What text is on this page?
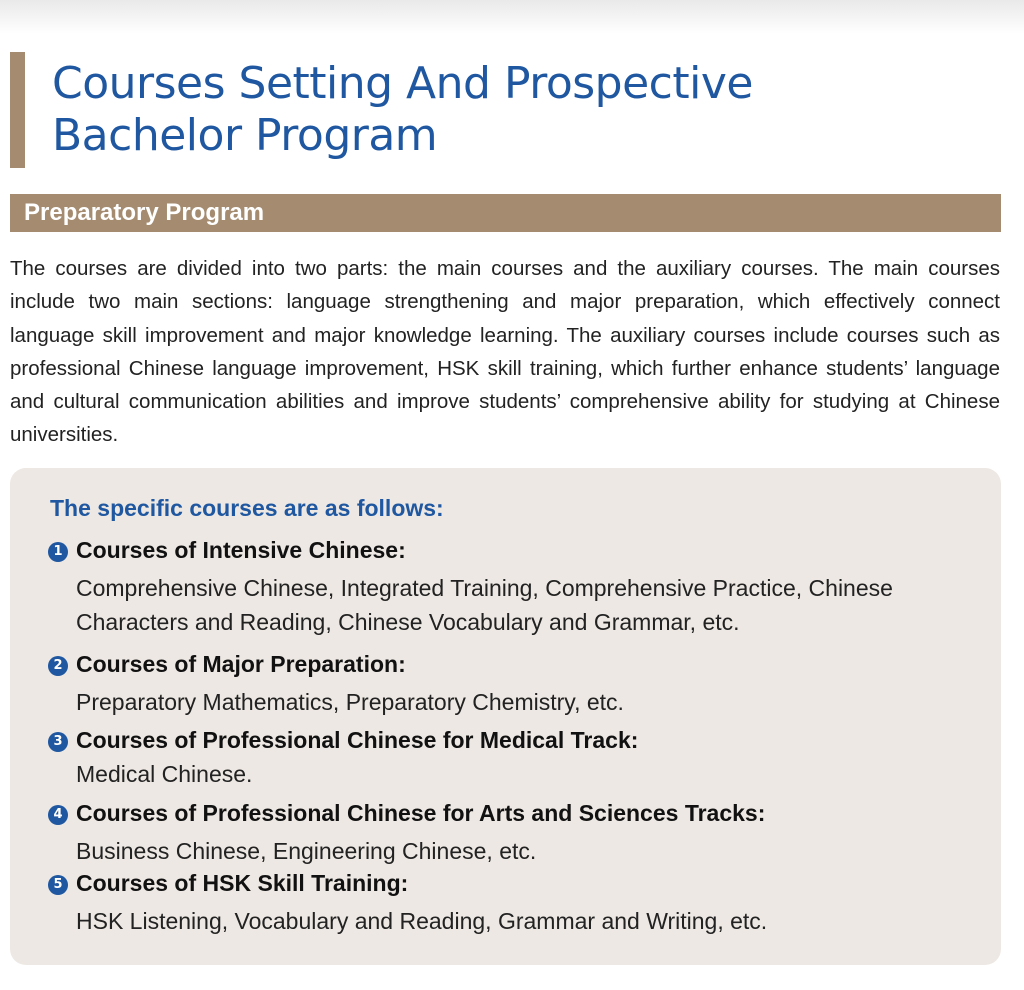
Courses Setting And Prospective
Bachelor Program
Preparatory Program

The courses are divided into two parts: the main courses and the auxiliary courses. The main courses include two main sections: language strengthening and major preparation, which effectively connect language skill improvement and major knowledge learning. The auxiliary courses include courses such as professional Chinese language improvement, HSK skill training, which further enhance students’ language and cultural communication abilities and improve students’ comprehensive ability for studying at Chinese universities.

The specific courses are as follows:
1 Courses of Intensive Chinese:
Comprehensive Chinese, Integrated Training, Comprehensive Practice, Chinese Characters and Reading, Chinese Vocabulary and Grammar, etc.
2 Courses of Major Preparation:
Preparatory Mathematics, Preparatory Chemistry, etc.
3 Courses of Professional Chinese for Medical Track:
Medical Chinese.
4 Courses of Professional Chinese for Arts and Sciences Tracks:
Business Chinese, Engineering Chinese, etc.
5 Courses of HSK Skill Training:
HSK Listening, Vocabulary and Reading, Grammar and Writing, etc.
